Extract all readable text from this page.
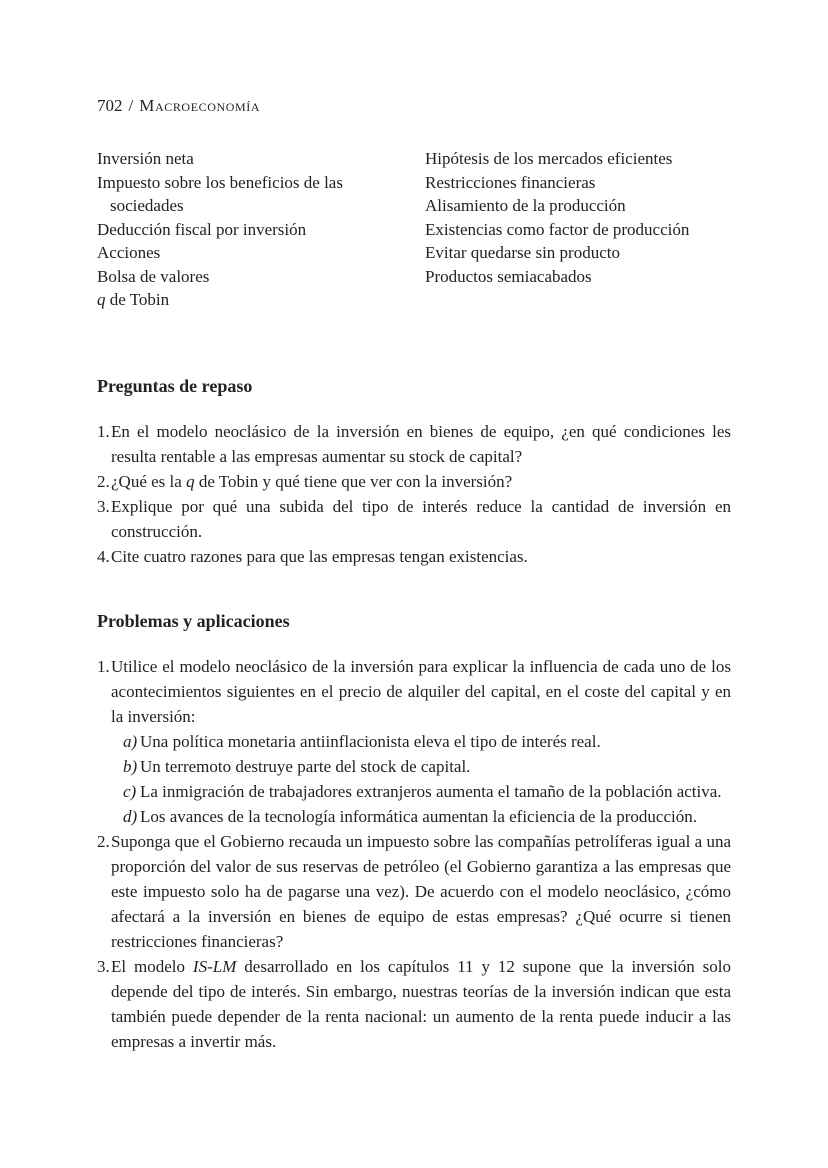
702 / Macroeconomía
Inversión neta
Impuesto sobre los beneficios de las sociedades
Deducción fiscal por inversión
Acciones
Bolsa de valores
q de Tobin
Hipótesis de los mercados eficientes
Restricciones financieras
Alisamiento de la producción
Existencias como factor de producción
Evitar quedarse sin producto
Productos semiacabados
Preguntas de repaso
1. En el modelo neoclásico de la inversión en bienes de equipo, ¿en qué condiciones les resulta rentable a las empresas aumentar su stock de capital?
2. ¿Qué es la q de Tobin y qué tiene que ver con la inversión?
3. Explique por qué una subida del tipo de interés reduce la cantidad de inversión en construcción.
4. Cite cuatro razones para que las empresas tengan existencias.
Problemas y aplicaciones
1. Utilice el modelo neoclásico de la inversión para explicar la influencia de cada uno de los acontecimientos siguientes en el precio de alquiler del capital, en el coste del capital y en la inversión:
a) Una política monetaria antiinflacionista eleva el tipo de interés real.
b) Un terremoto destruye parte del stock de capital.
c) La inmigración de trabajadores extranjeros aumenta el tamaño de la población activa.
d) Los avances de la tecnología informática aumentan la eficiencia de la producción.
2. Suponga que el Gobierno recauda un impuesto sobre las compañías petrolíferas igual a una proporción del valor de sus reservas de petróleo (el Gobierno garantiza a las empresas que este impuesto solo ha de pagarse una vez). De acuerdo con el modelo neoclásico, ¿cómo afectará a la inversión en bienes de equipo de estas empresas? ¿Qué ocurre si tienen restricciones financieras?
3. El modelo IS-LM desarrollado en los capítulos 11 y 12 supone que la inversión solo depende del tipo de interés. Sin embargo, nuestras teorías de la inversión indican que esta también puede depender de la renta nacional: un aumento de la renta puede inducir a las empresas a invertir más.
